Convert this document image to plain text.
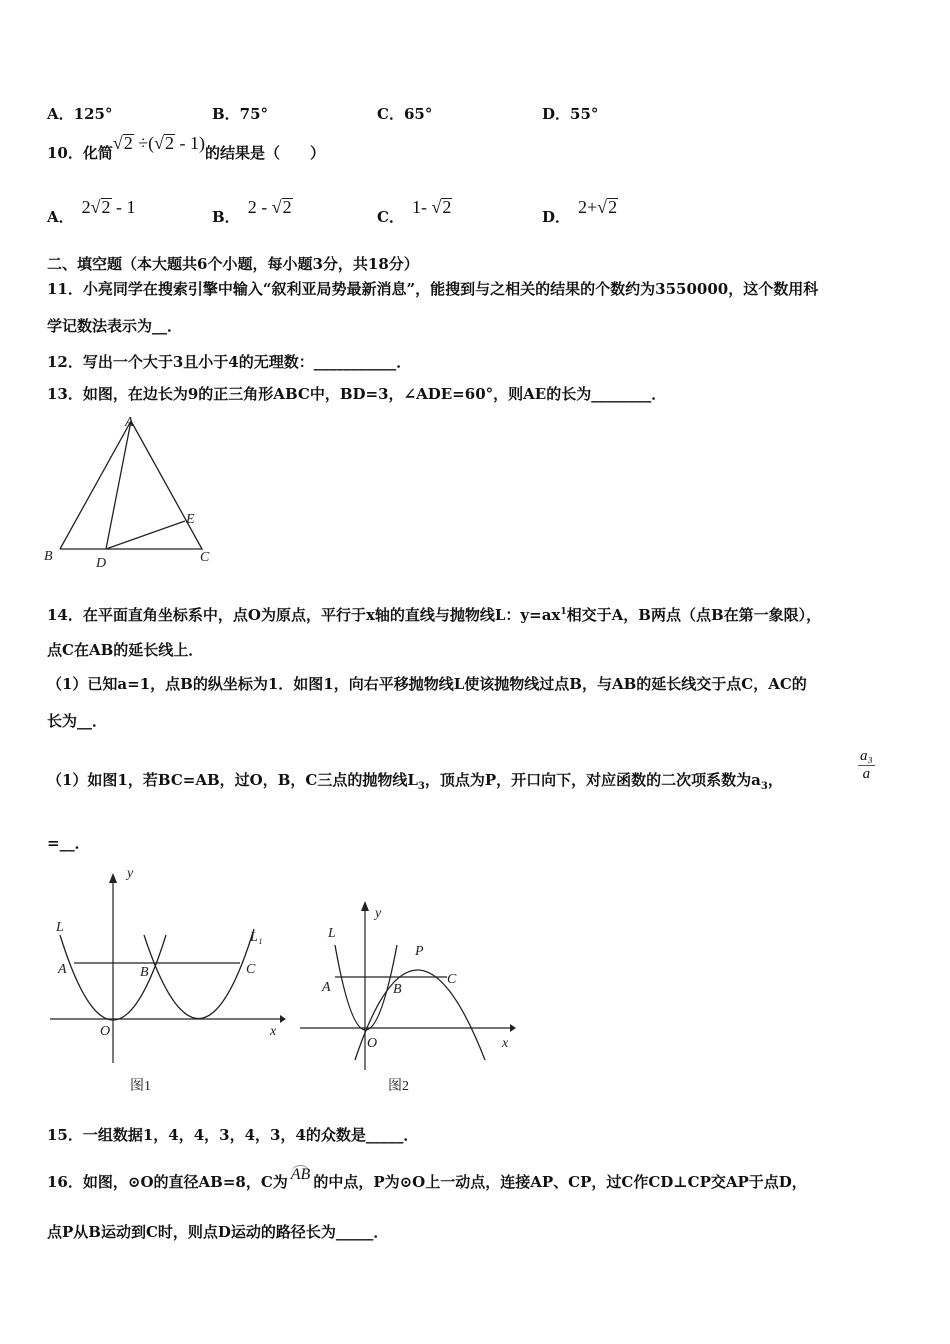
A．125°	B．75°	C．65°	D．55°
10．化简√2 ÷(√2 - 1)的结果是（　　）
A． 2√2 - 1	B． 2 - √2	C． 1- √2	D． 2+√2
二、填空题（本大题共6个小题，每小题3分，共18分）
11．小亮同学在搜索引擎中输入“叙利亚局势最新消息”，能搜到与之相关的结果的个数约为3550000，这个数用科
学记数法表示为__．
12．写出一个大于3且小于4的无理数：___________．
13．如图，在边长为9的正三角形ABC中，BD=3，∠ADE=60°，则AE的长为________．
A
B	C
D
E
14．在平面直角坐标系中，点O为原点，平行于x轴的直线与抛物线L：$y=ax^1$相交于A，B两点（点B在第一象限），
点C在AB的延长线上．
（1）已知a=1，点B的纵坐标为1．如图1，向右平移抛物线L使该抛物线过点B，与AB的延长线交于点C，AC的
长为__．
（1）如图1，若BC=AB，过O，B，C三点的抛物线$L_3$，顶点为P，开口向下，对应函数的二次项系数为$a_3$，	$\frac{\text{a₃}}{a}$
=__．
y
x
L
L₁
A	B	C
O
图1
y
x
L
P
A	B
C
O
图2
15．一组数据1，4，4，3，4，3，4的众数是_____．
16．如图，⊙O的直径AB=8，C为 AB 的中点，P为⊙O上一动点，连接AP、CP，过C作CD⊥CP交AP于点D，
点P从B运动到C时，则点D运动的路径长为_____．
